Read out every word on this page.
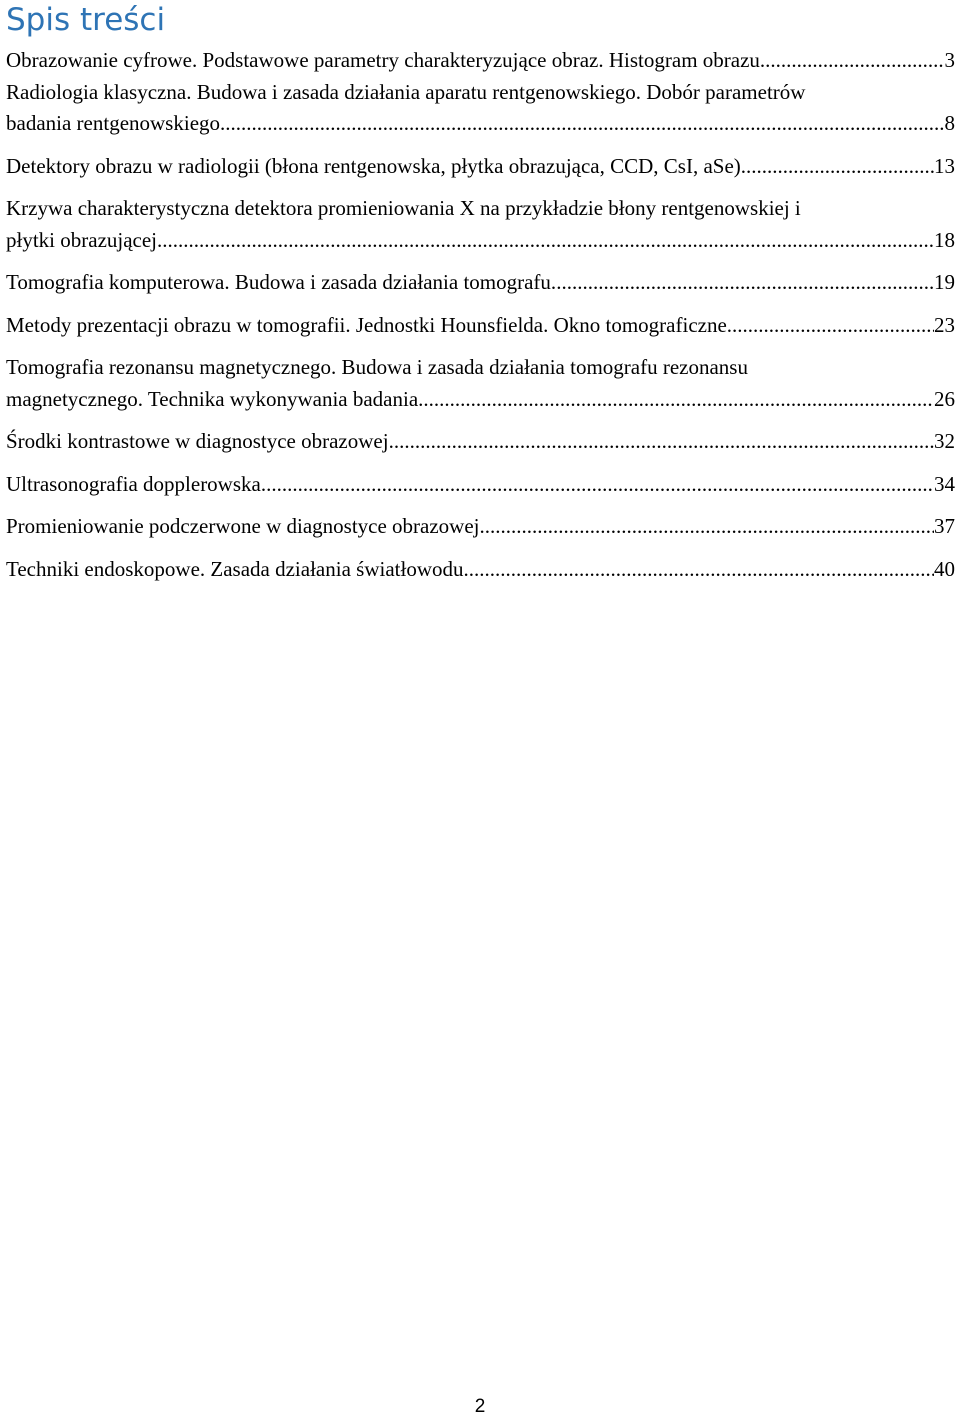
Spis treści
Obrazowanie cyfrowe. Podstawowe parametry charakteryzujące obraz. Histogram obrazu. .....	3
Radiologia klasyczna. Budowa i zasada działania aparatu rentgenowskiego. Dobór parametrów
badania rentgenowskiego. .....	8
Detektory obrazu w radiologii (błona rentgenowska, płytka obrazująca, CCD, CsI, aSe) .....	13
Krzywa charakterystyczna detektora promieniowania X na przykładzie błony rentgenowskiej i
płytki obrazującej. .....	18
Tomografia komputerowa. Budowa i zasada działania tomografu. .....	19
Metody prezentacji obrazu w tomografii. Jednostki Hounsfielda. Okno tomograficzne. .....	23
Tomografia rezonansu magnetycznego. Budowa i zasada działania tomografu rezonansu
magnetycznego. Technika wykonywania badania. .....	26
Środki kontrastowe w diagnostyce obrazowej. .....	32
Ultrasonografia dopplerowska. .....	34
Promieniowanie podczerwone w diagnostyce obrazowej. .....	37
Techniki endoskopowe. Zasada działania światłowodu. .....	40
2
